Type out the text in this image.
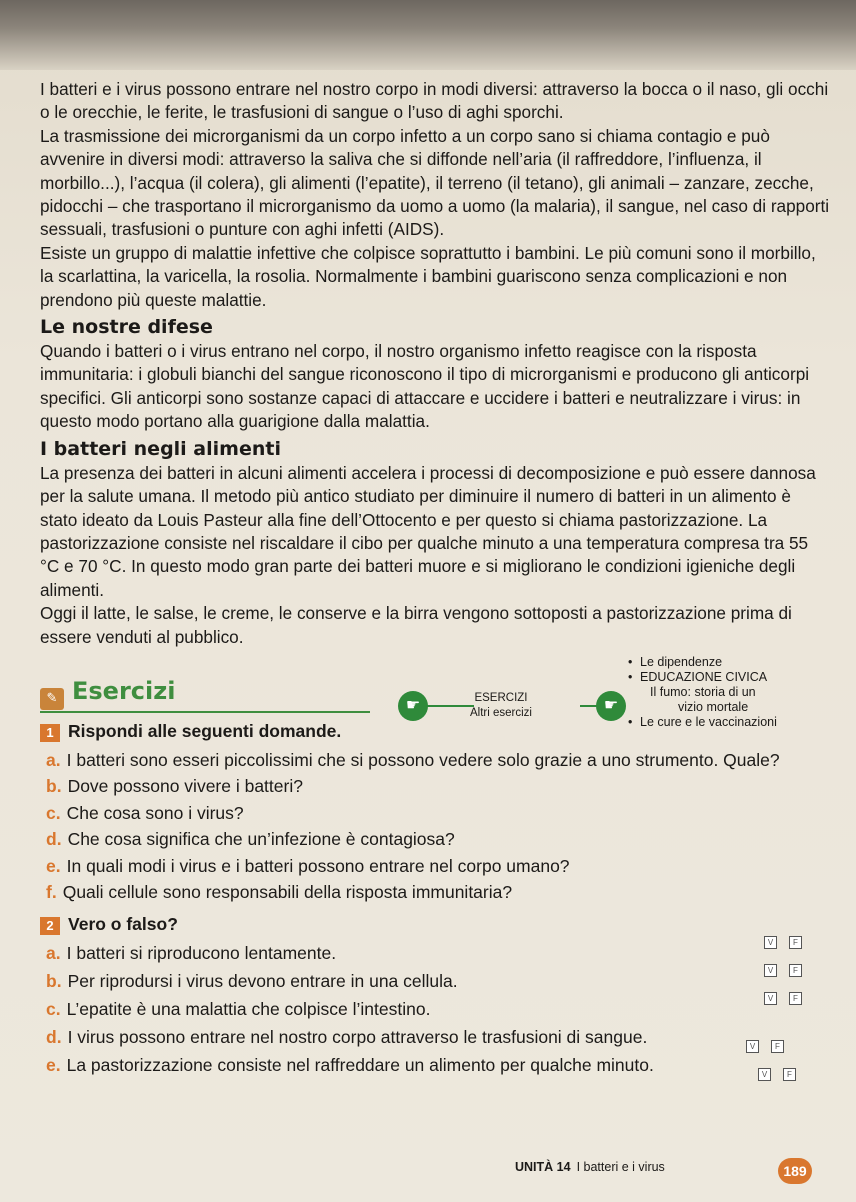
I batteri e i virus possono entrare nel nostro corpo in modi diversi: attraverso la bocca o il naso, gli occhi o le orecchie, le ferite, le trasfusioni di sangue o l’uso di aghi sporchi.

La trasmissione dei microrganismi da un corpo infetto a un corpo sano si chiama contagio e può avvenire in diversi modi: attraverso la saliva che si diffonde nell’aria (il raffreddore, l’influenza, il morbillo...), l’acqua (il colera), gli alimenti (l’epatite), il terreno (il tetano), gli animali – zanzare, zecche, pidocchi – che trasportano il microrganismo da uomo a uomo (la malaria), il sangue, nel caso di rapporti sessuali, trasfusioni o punture con aghi infetti (AIDS).

Esiste un gruppo di malattie infettive che colpisce soprattutto i bambini. Le più comuni sono il morbillo, la scarlattina, la varicella, la rosolia. Normalmente i bambini guariscono senza complicazioni e non prendono più queste malattie.

Le nostre difese

Quando i batteri o i virus entrano nel corpo, il nostro organismo infetto reagisce con la risposta immunitaria: i globuli bianchi del sangue riconoscono il tipo di microrganismi e producono gli anticorpi specifici. Gli anticorpi sono sostanze capaci di attaccare e uccidere i batteri e neutralizzare i virus: in questo modo portano alla guarigione dalla malattia.

I batteri negli alimenti

La presenza dei batteri in alcuni alimenti accelera i processi di decomposizione e può essere dannosa per la salute umana. Il metodo più antico studiato per diminuire il numero di batteri in un alimento è stato ideato da Louis Pasteur alla fine dell’Ottocento e per questo si chiama pastorizzazione. La pastorizzazione consiste nel riscaldare il cibo per qualche minuto a una temperatura compresa tra 55 °C e 70 °C. In questo modo gran parte dei batteri muore e si migliorano le condizioni igieniche degli alimenti.

Oggi il latte, le salse, le creme, le conserve e la birra vengono sottoposti a pastorizzazione prima di essere venduti al pubblico.

✎ Esercizi
1 Rispondi alle seguenti domande.
☛	ESERCIZI
Altri esercizi	☛
• Le dipendenze
• EDUCAZIONE CIVICA
Il fumo: storia di un
vizio mortale
• Le cure e le vaccinazioni
a. I batteri sono esseri piccolissimi che si possono vedere solo grazie a uno strumento. Quale?
b. Dove possono vivere i batteri?
c. Che cosa sono i virus?
d. Che cosa significa che un’infezione è contagiosa?
e. In quali modi i virus e i batteri possono entrare nel corpo umano?
f. Quali cellule sono responsabili della risposta immunitaria?
2 Vero o falso?
a. I batteri si riproducono lentamente.
V F
b. Per riprodursi i virus devono entrare in una cellula.
V F
c. L’epatite è una malattia che colpisce l’intestino.
V F
d. I virus possono entrare nel nostro corpo attraverso le trasfusioni di sangue.	V F
e. La pastorizzazione consiste nel raffreddare un alimento per qualche minuto.	V F
UNITÀ 14 I batteri e i virus	189
